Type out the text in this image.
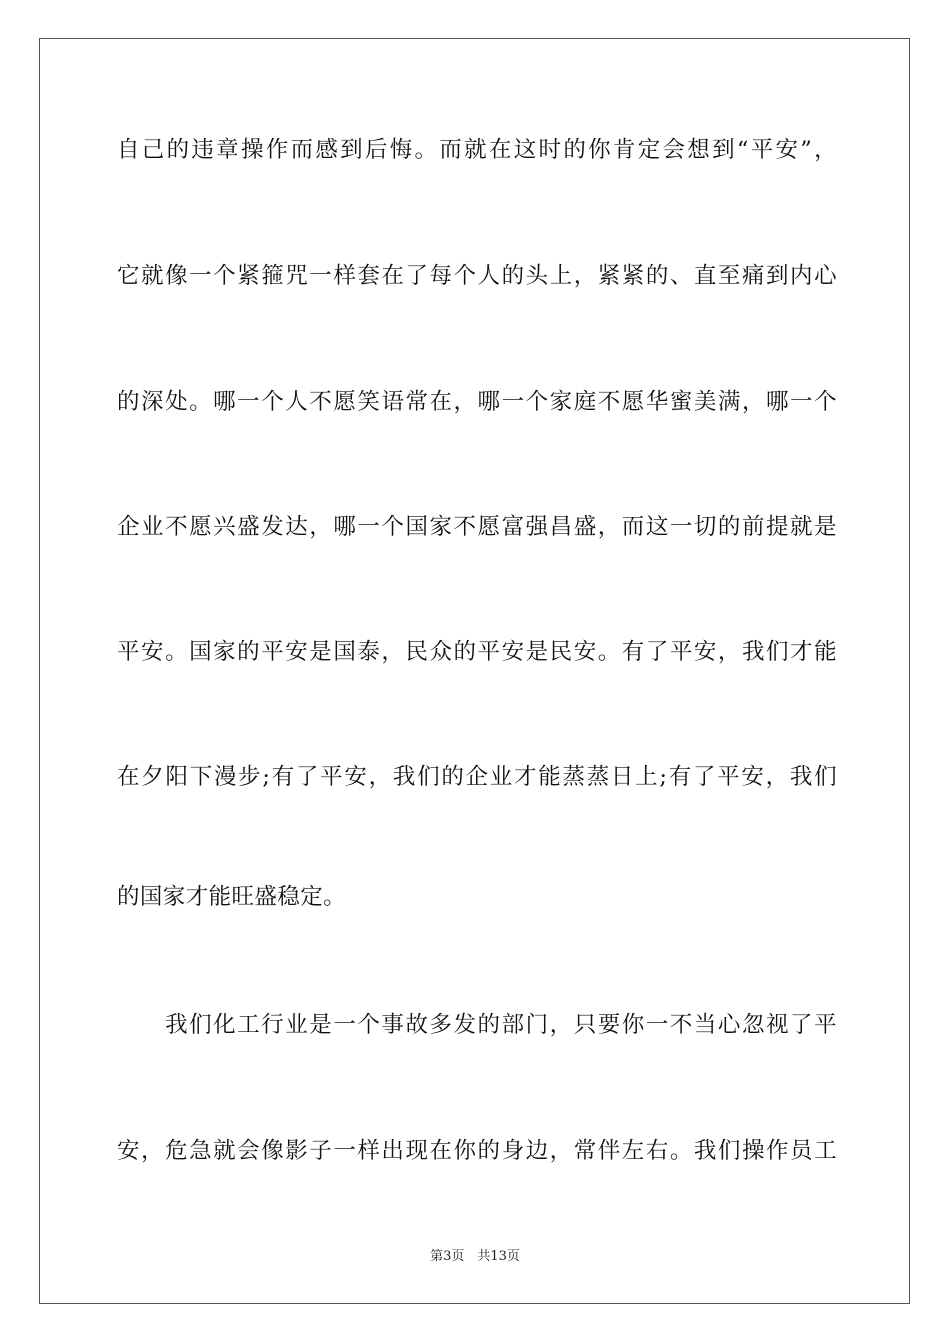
自己的违章操作而感到后悔。而就在这时的你肯定会想到“平安”，
它就像一个紧箍咒一样套在了每个人的头上，紧紧的、直至痛到内心
的深处。哪一个人不愿笑语常在，哪一个家庭不愿华蜜美满，哪一个
企业不愿兴盛发达，哪一个国家不愿富强昌盛，而这一切的前提就是
平安。国家的平安是国泰，民众的平安是民安。有了平安，我们才能
在夕阳下漫步;有了平安，我们的企业才能蒸蒸日上;有了平安，我们
的国家才能旺盛稳定。
　　我们化工行业是一个事故多发的部门，只要你一不当心忽视了平
安，危急就会像影子一样出现在你的身边，常伴左右。我们操作员工
第3页　共13页
